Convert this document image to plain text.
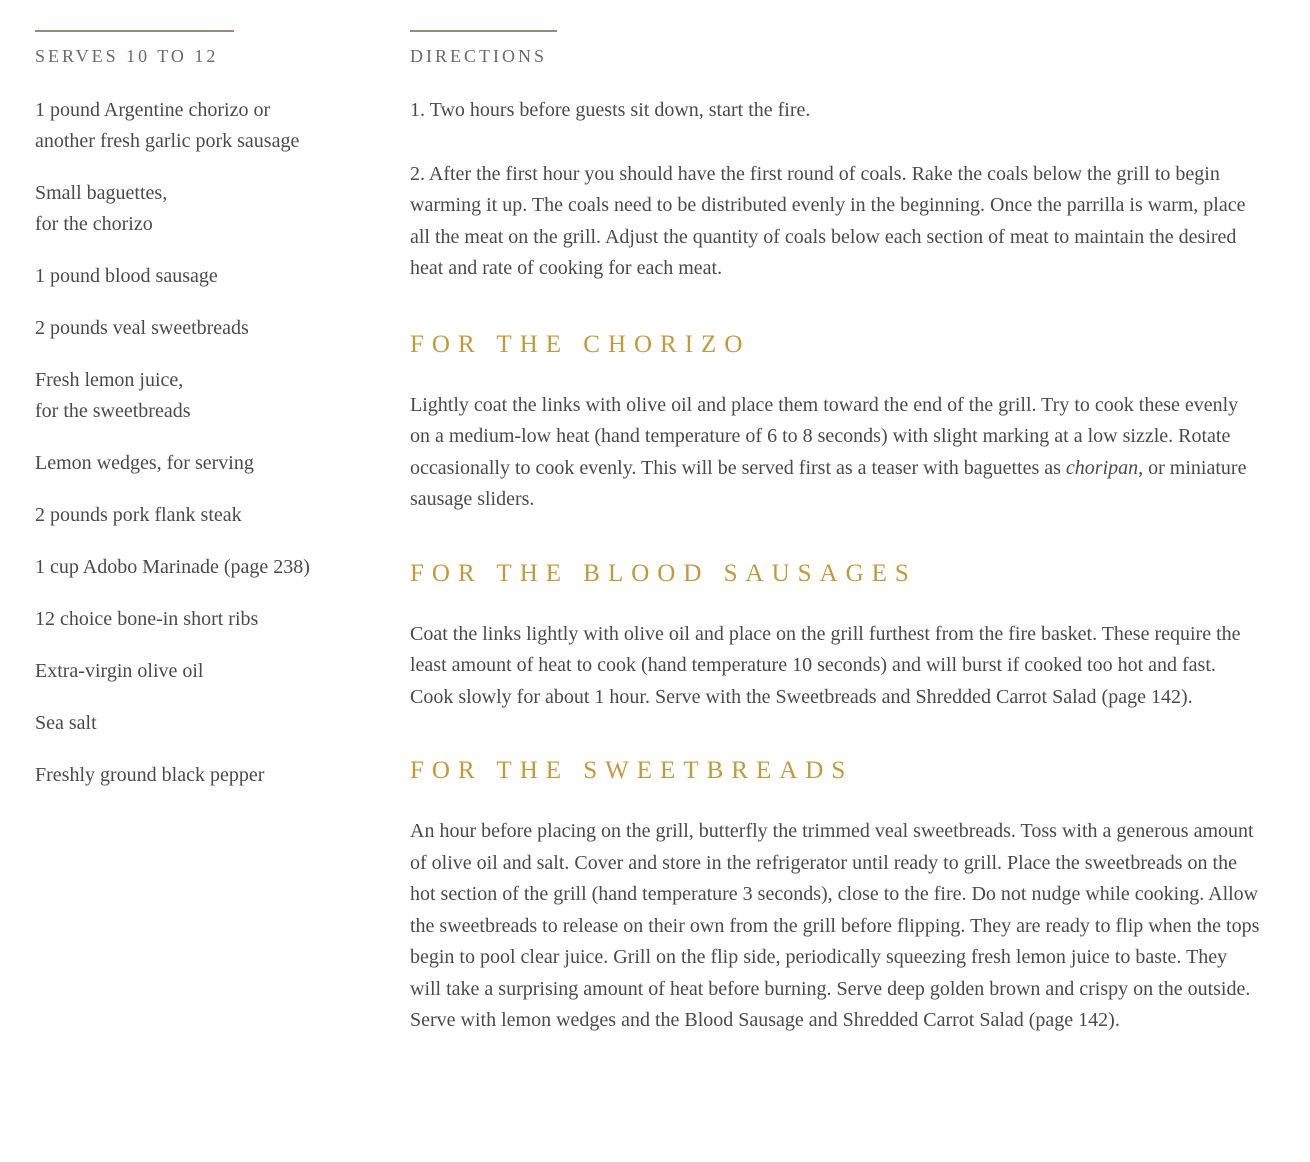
SERVES 10 TO 12
1 pound Argentine chorizo or
another fresh garlic pork sausage
Small baguettes,
for the chorizo
1 pound blood sausage
2 pounds veal sweetbreads
Fresh lemon juice,
for the sweetbreads
Lemon wedges, for serving
2 pounds pork flank steak
1 cup Adobo Marinade (page 238)
12 choice bone-in short ribs
Extra-virgin olive oil
Sea salt
Freshly ground black pepper
DIRECTIONS

1. Two hours before guests sit down, start the fire.

2. After the first hour you should have the first round of coals. Rake the coals below the grill to begin warming it up. The coals need to be distributed evenly in the beginning. Once the parrilla is warm, place all the meat on the grill. Adjust the quantity of coals below each section of meat to maintain the desired heat and rate of cooking for each meat.

FOR THE CHORIZO

Lightly coat the links with olive oil and place them toward the end of the grill. Try to cook these evenly on a medium-low heat (hand temperature of 6 to 8 seconds) with slight marking at a low sizzle. Rotate occasionally to cook evenly. This will be served first as a teaser with baguettes as choripan, or miniature sausage sliders.

FOR THE BLOOD SAUSAGES

Coat the links lightly with olive oil and place on the grill furthest from the fire basket. These require the least amount of heat to cook (hand temperature 10 seconds) and will burst if cooked too hot and fast. Cook slowly for about 1 hour. Serve with the Sweetbreads and Shredded Carrot Salad (page 142).

FOR THE SWEETBREADS

An hour before placing on the grill, butterfly the trimmed veal sweetbreads. Toss with a generous amount of olive oil and salt. Cover and store in the refrigerator until ready to grill. Place the sweetbreads on the hot section of the grill (hand temperature 3 seconds), close to the fire. Do not nudge while cooking. Allow the sweetbreads to release on their own from the grill before flipping. They are ready to flip when the tops begin to pool clear juice. Grill on the flip side, periodically squeezing fresh lemon juice to baste. They will take a surprising amount of heat before burning. Serve deep golden brown and crispy on the outside. Serve with lemon wedges and the Blood Sausage and Shredded Carrot Salad (page 142).
